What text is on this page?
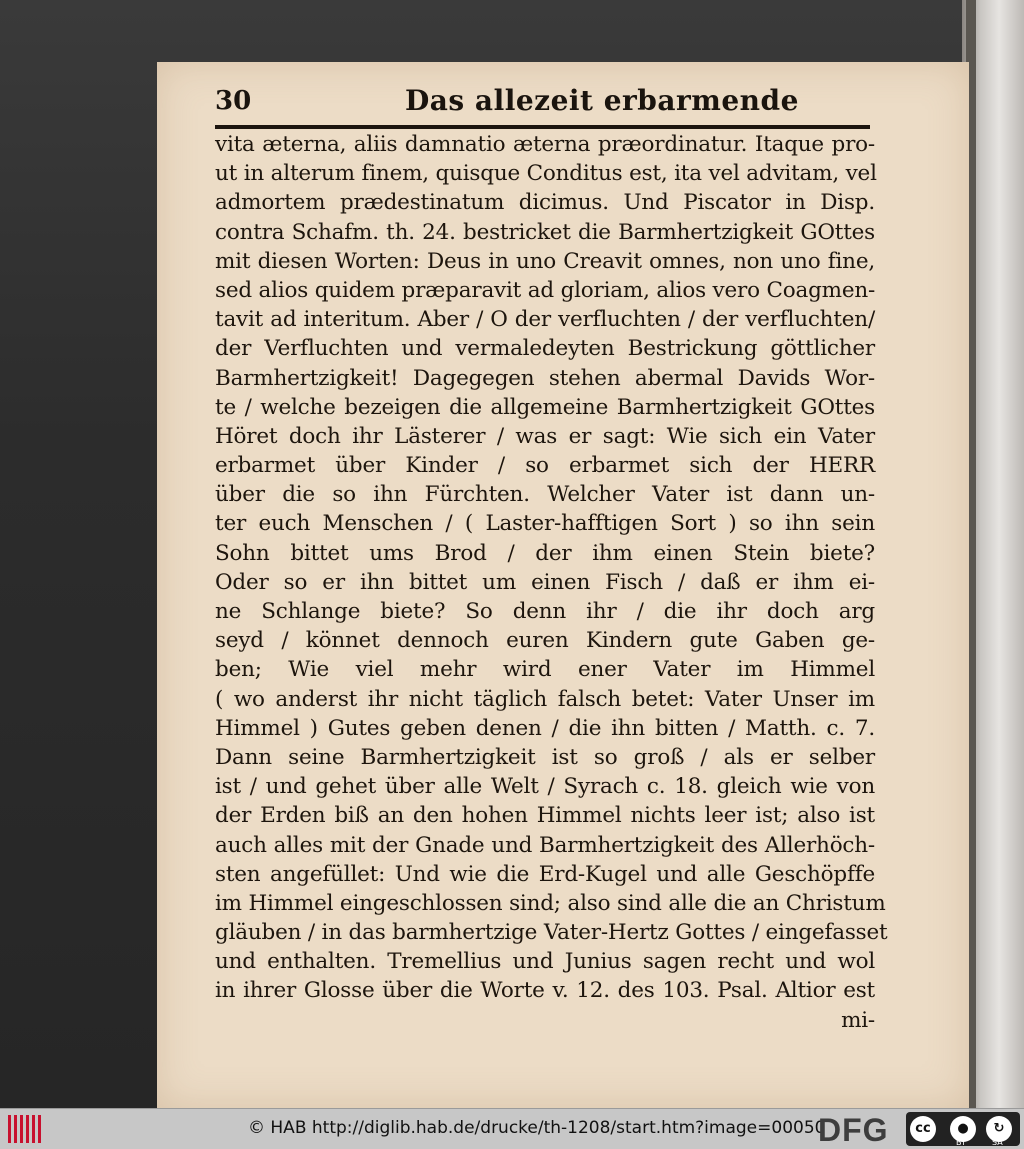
30	Das allezeit erbarmende
vita æterna, aliis damnatio æterna præordinatur. Itaque pro-
ut in alterum finem, quisque Conditus est, ita vel advitam, vel
admortem prædestinatum dicimus. Und Piscator in Disp.
contra Schafm. th. 24. bestricket die Barmhertzigkeit GOttes
mit diesen Worten: Deus in uno Creavit omnes, non uno fine,
sed alios quidem præparavit ad gloriam, alios vero Coagmen-
tavit ad interitum. Aber / O der verfluchten / der verfluchten/
der Verfluchten und vermaledeyten Bestrickung göttlicher
Barmhertzigkeit! Dagegegen stehen abermal Davids Wor-
te / welche bezeigen die allgemeine Barmhertzigkeit GOttes
Höret doch ihr Lästerer / was er sagt: Wie sich ein Vater
erbarmet über Kinder / so erbarmet sich der HERR
über die so ihn Fürchten. Welcher Vater ist dann un-
ter euch Menschen / ( Laster-hafftigen Sort ) so ihn sein
Sohn bittet ums Brod / der ihm einen Stein biete?
Oder so er ihn bittet um einen Fisch / daß er ihm ei-
ne Schlange biete? So denn ihr / die ihr doch arg
seyd / könnet dennoch euren Kindern gute Gaben ge-
ben; Wie viel mehr wird ener Vater im Himmel
( wo anderst ihr nicht täglich falsch betet: Vater Unser im
Himmel ) Gutes geben denen / die ihn bitten / Matth. c. 7.
Dann seine Barmhertzigkeit ist so groß / als er selber
ist / und gehet über alle Welt / Syrach c. 18. gleich wie von
der Erden biß an den hohen Himmel nichts leer ist; also ist
auch alles mit der Gnade und Barmhertzigkeit des Allerhöch-
sten angefüllet: Und wie die Erd-Kugel und alle Geschöpffe
im Himmel eingeschlossen sind; also sind alle die an Christum
gläuben / in das barmhertzige Vater-Hertz Gottes / eingefasset
und enthalten. Tremellius und Junius sagen recht und wol
in ihrer Glosse über die Worte v. 12. des 103. Psal. Altior est
mi-
© HAB http://diglib.hab.de/drucke/th-1208/start.htm?image=00050
DFG	cc	●	↻
BY	SA
